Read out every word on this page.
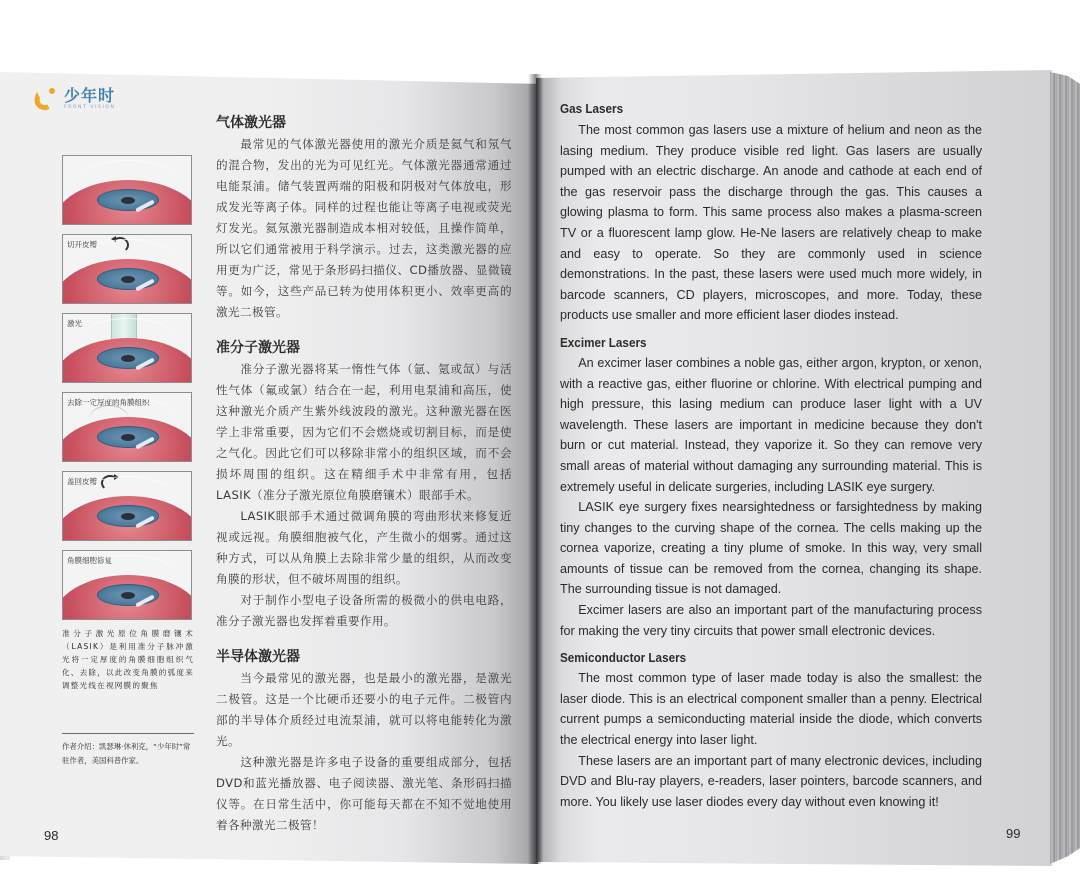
少年时
FRONT VISION
切开皮瓣
激光
去除一定厚度的角膜组织
盖回皮瓣
角膜细胞修复
准分子激光原位角膜磨镶术（LASIK）是利用准分子脉冲激光将一定厚度的角膜细胞组织气化、去除，以此改变角膜的弧度来调整光线在视网膜的聚焦
作者介绍：凯瑟琳·休利克，“少年时”常驻作者，美国科普作家。
气体激光器

最常见的气体激光器使用的激光介质是氦气和氖气的混合物，发出的光为可见红光。气体激光器通常通过电能泵浦。储气装置两端的阳极和阴极对气体放电，形成发光等离子体。同样的过程也能让等离子电视或荧光灯发光。氦氖激光器制造成本相对较低，且操作简单，所以它们通常被用于科学演示。过去，这类激光器的应用更为广泛，常见于条形码扫描仪、CD播放器、显微镜等。如今，这些产品已转为使用体积更小、效率更高的激光二极管。

准分子激光器

准分子激光器将某一惰性气体（氩、氪或氙）与活性气体（氟或氯）结合在一起，利用电泵浦和高压，使这种激光介质产生紫外线波段的激光。这种激光器在医学上非常重要，因为它们不会燃烧或切割目标，而是使之气化。因此它们可以移除非常小的组织区域，而不会损坏周围的组织。这在精细手术中非常有用，包括LASIK（准分子激光原位角膜磨镶术）眼部手术。

LASIK眼部手术通过微调角膜的弯曲形状来修复近视或远视。角膜细胞被气化，产生微小的烟雾。通过这种方式，可以从角膜上去除非常少量的组织，从而改变角膜的形状，但不破坏周围的组织。

对于制作小型电子设备所需的极微小的供电电路，准分子激光器也发挥着重要作用。

半导体激光器

当今最常见的激光器，也是最小的激光器，是激光二极管。这是一个比硬币还要小的电子元件。二极管内部的半导体介质经过电流泵浦，就可以将电能转化为激光。

这种激光器是许多电子设备的重要组成部分，包括DVD和蓝光播放器、电子阅读器、激光笔、条形码扫描仪等。在日常生活中，你可能每天都在不知不觉地使用着各种激光二极管！

98
Gas Lasers

The most common gas lasers use a mixture of helium and neon as the lasing medium. They produce visible red light. Gas lasers are usually pumped with an electric discharge. An anode and cathode at each end of the gas reservoir pass the discharge through the gas. This causes a glowing plasma to form. This same process also makes a plasma-screen TV or a fluorescent lamp glow. He-Ne lasers are relatively cheap to make and easy to operate. So they are commonly used in science demonstrations. In the past, these lasers were used much more widely, in barcode scanners, CD players, microscopes, and more. Today, these products use smaller and more efficient laser diodes instead.

Excimer Lasers

An excimer laser combines a noble gas, either argon, krypton, or xenon, with a reactive gas, either fluorine or chlorine. With electrical pumping and high pressure, this lasing medium can produce laser light with a UV wavelength. These lasers are important in medicine because they don't burn or cut material. Instead, they vaporize it. So they can remove very small areas of material without damaging any surrounding material. This is extremely useful in delicate surgeries, including LASIK eye surgery.

LASIK eye surgery fixes nearsightedness or farsightedness by making tiny changes to the curving shape of the cornea. The cells making up the cornea vaporize, creating a tiny plume of smoke. In this way, very small amounts of tissue can be removed from the cornea, changing its shape. The surrounding tissue is not damaged.

Excimer lasers are also an important part of the manufacturing process for making the very tiny circuits that power small electronic devices.

Semiconductor Lasers

The most common type of laser made today is also the smallest: the laser diode. This is an electrical component smaller than a penny. Electrical current pumps a semiconducting material inside the diode, which converts the electrical energy into laser light.

These lasers are an important part of many electronic devices, including DVD and Blu-ray players, e-readers, laser pointers, barcode scanners, and more. You likely use laser diodes every day without even knowing it!

99
